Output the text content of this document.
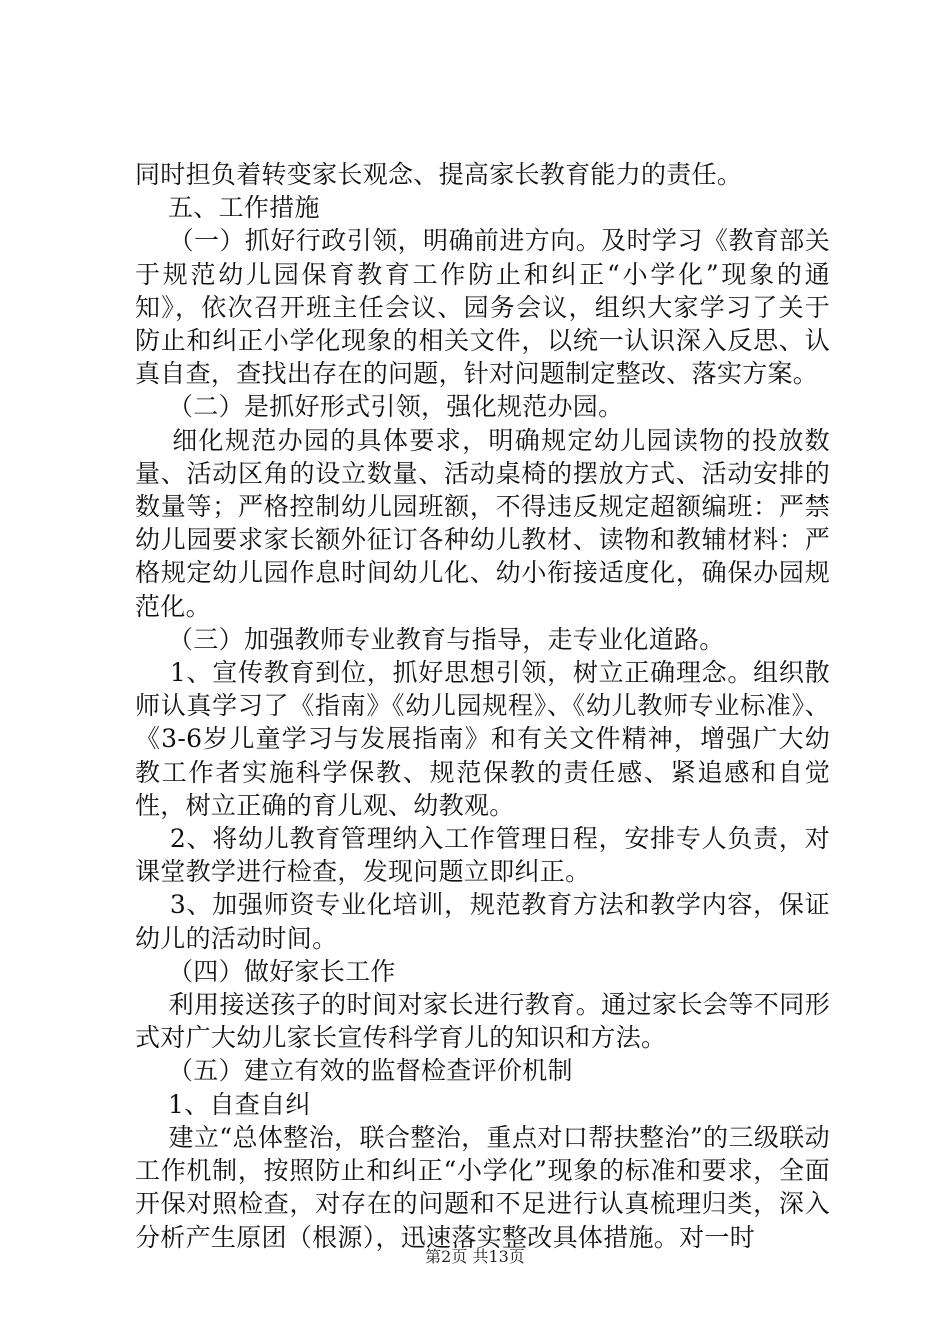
同时担负着转变家长观念、提高家长教育能力的责任。

五、工作措施

（一）抓好行政引领，明确前进方向。及时学习《教育部关于规范幼儿园保育教育工作防止和纠正“小学化”现象的通知》，依次召开班主任会议、园务会议，组织大家学习了关于防止和纠正小学化现象的相关文件，以统一认识深入反思、认真自查，查找出存在的问题，针对问题制定整改、落实方案。

（二）是抓好形式引领，强化规范办园。

细化规范办园的具体要求，明确规定幼儿园读物的投放数量、活动区角的设立数量、活动桌椅的摆放方式、活动安排的数量等；严格控制幼儿园班额，不得违反规定超额编班：严禁幼儿园要求家长额外征订各种幼儿教材、读物和教辅材料：严格规定幼儿园作息时间幼儿化、幼小衔接适度化，确保办园规范化。

（三）加强教师专业教育与指导，走专业化道路。

1、宣传教育到位，抓好思想引领，树立正确理念。组织散师认真学习了《指南》《幼儿园规程》、《幼儿教师专业标准》、《3-6岁儿童学习与发展指南》和有关文件精神，增强广大幼教工作者实施科学保教、规范保教的责任感、紧追感和自觉性，树立正确的育儿观、幼教观。

2、将幼儿教育管理纳入工作管理日程，安排专人负责，对课堂教学进行检查，发现问题立即纠正。

3、加强师资专业化培训，规范教育方法和教学内容，保证幼儿的活动时间。

（四）做好家长工作

利用接送孩子的时间对家长进行教育。通过家长会等不同形式对广大幼儿家长宣传科学育儿的知识和方法。

（五）建立有效的监督检查评价机制

1、自查自纠

建立“总体整治，联合整治，重点对口帮扶整治”的三级联动工作机制，按照防止和纠正“小学化”现象的标准和要求，全面开保对照检查，对存在的问题和不足进行认真梳理归类，深入分析产生原团（根源），迅速落实整改具体措施。对一时

第2页 共13页
